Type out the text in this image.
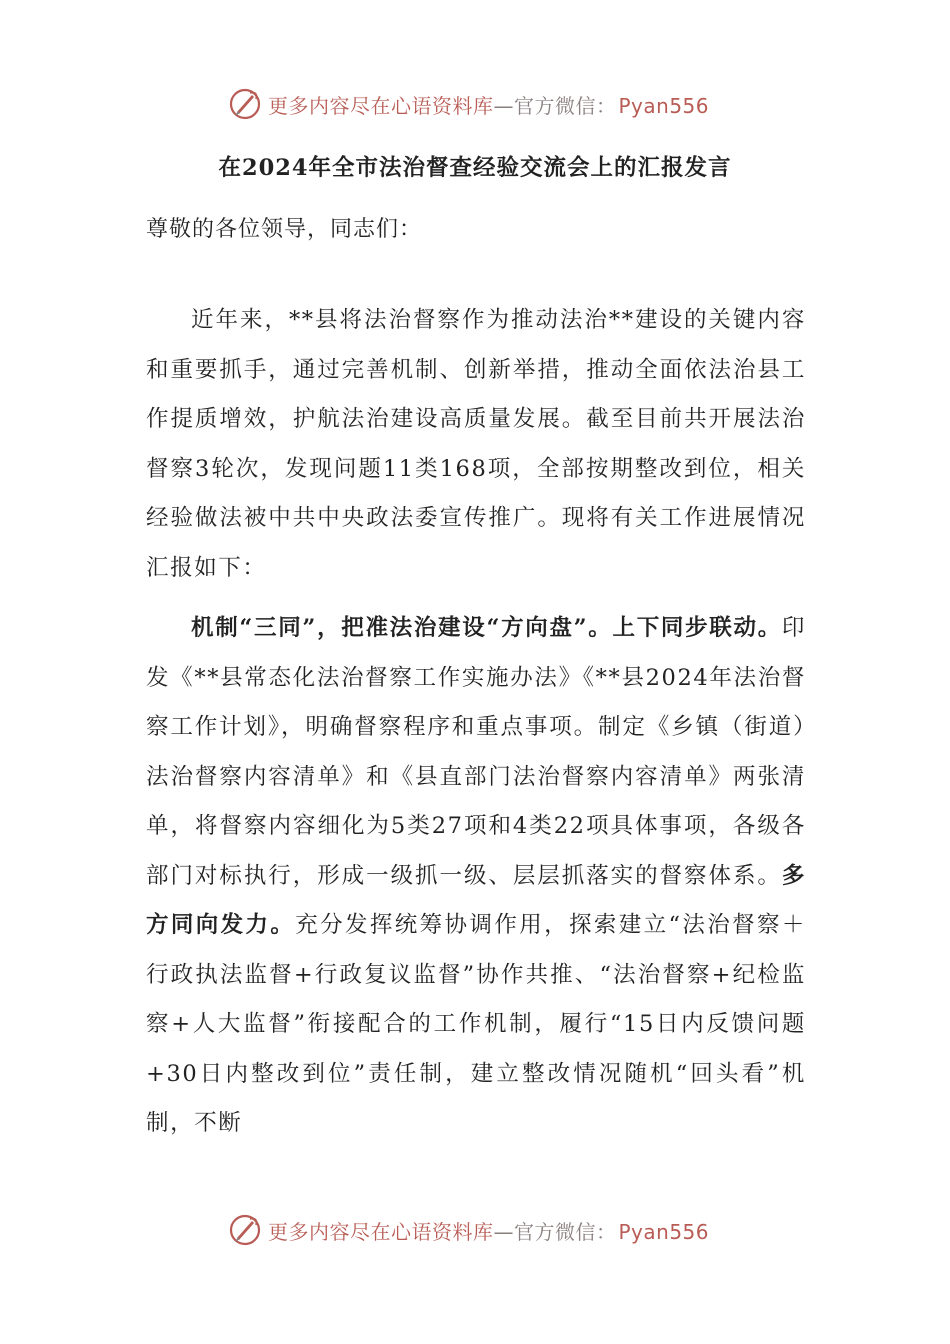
更多内容尽在心语资料库—官方微信： Pyan556
在2024年全市法治督查经验交流会上的汇报发言

尊敬的各位领导，同志们：

近年来，**县将法治督察作为推动法治**建设的关键内容和重要抓手，通过完善机制、创新举措，推动全面依法治县工作提质增效，护航法治建设高质量发展。截至目前共开展法治督察3轮次，发现问题11类168项，全部按期整改到位，相关经验做法被中共中央政法委宣传推广。现将有关工作进展情况汇报如下：

机制“三同”，把准法治建设“方向盘”。上下同步联动。印发《**县常态化法治督察工作实施办法》《**县2024年法治督察工作计划》，明确督察程序和重点事项。制定《乡镇（街道）法治督察内容清单》和《县直部门法治督察内容清单》两张清单，将督察内容细化为5类27项和4类22项具体事项，各级各部门对标执行，形成一级抓一级、层层抓落实的督察体系。多方同向发力。充分发挥统筹协调作用，探索建立“法治督察＋行政执法监督+行政复议监督”协作共推、“法治督察+纪检监察+人大监督”衔接配合的工作机制，履行“15日内反馈问题+30日内整改到位”责任制，建立整改情况随机“回头看”机制，不断

更多内容尽在心语资料库—官方微信： Pyan556
